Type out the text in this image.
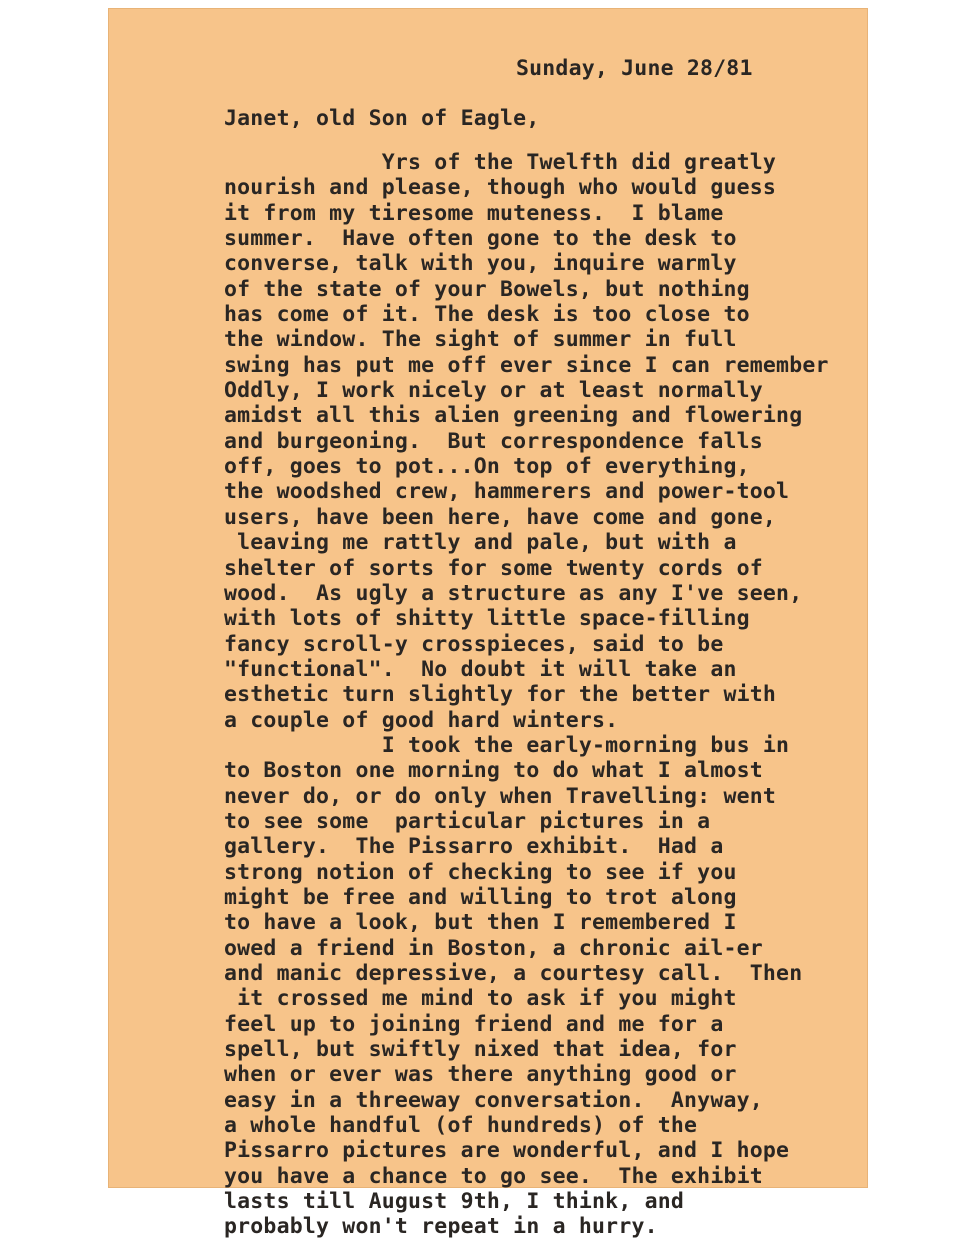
Sunday, June 28/81

Janet, old Son of Eagle,

Yrs of the Twelfth did greatly
nourish and please, though who would guess
it from my tiresome muteness.  I blame
summer.  Have often gone to the desk to
converse, talk with you, inquire warmly
of the state of your Bowels, but nothing
has come of it. The desk is too close to
the window. The sight of summer in full
swing has put me off ever since I can remember
Oddly, I work nicely or at least normally
amidst all this alien greening and flowering
and burgeoning.  But correspondence falls
off, goes to pot...On top of everything,
the woodshed crew, hammerers and power-tool
users, have been here, have come and gone,
leaving me rattly and pale, but with a
shelter of sorts for some twenty cords of
wood.  As ugly a structure as any I've seen,
with lots of shitty little space-filling
fancy scroll-y crosspieces, said to be
"functional".  No doubt it will take an
esthetic turn slightly for the better with
a couple of good hard winters.
I took the early-morning bus in
to Boston one morning to do what I almost
never do, or do only when Travelling: went
to see some  particular pictures in a
gallery.  The Pissarro exhibit.  Had a
strong notion of checking to see if you
might be free and willing to trot along
to have a look, but then I remembered I
owed a friend in Boston, a chronic ail-er
and manic depressive, a courtesy call.  Then
it crossed me mind to ask if you might
feel up to joining friend and me for a
spell, but swiftly nixed that idea, for
when or ever was there anything good or
easy in a threeway conversation.  Anyway,
a whole handful (of hundreds) of the
Pissarro pictures are wonderful, and I hope
you have a chance to go see.  The exhibit
lasts till August 9th, I think, and
probably won't repeat in a hurry.
